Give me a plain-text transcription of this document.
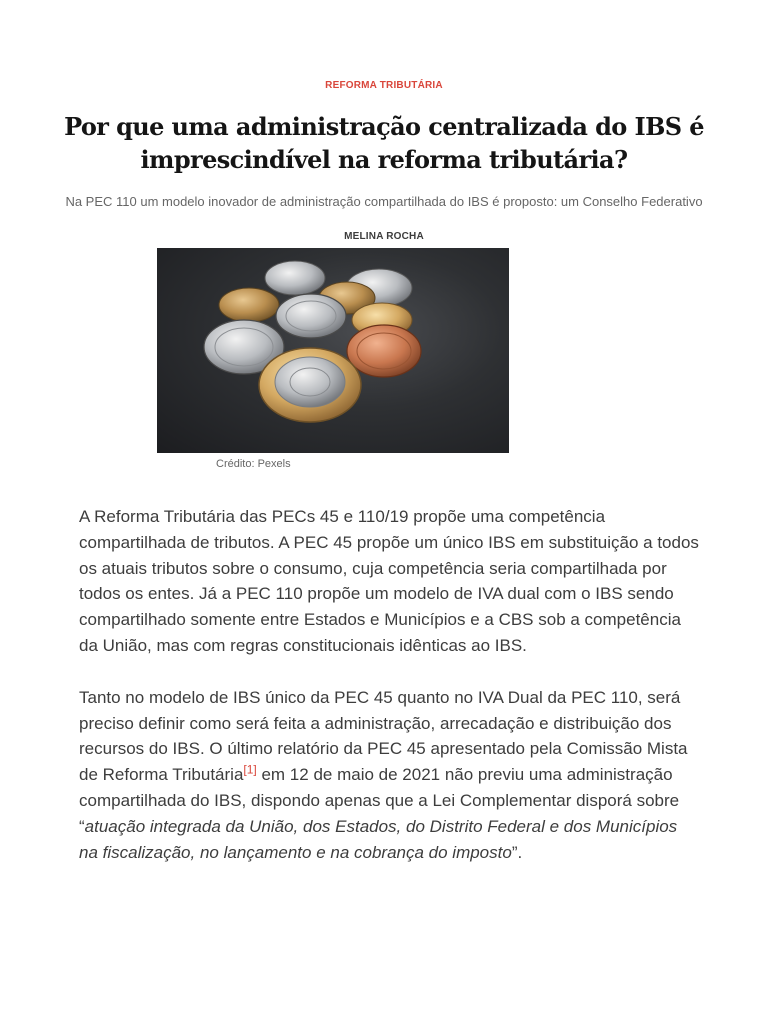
REFORMA TRIBUTÁRIA
Por que uma administração centralizada do IBS é imprescindível na reforma tributária?

Na PEC 110 um modelo inovador de administração compartilhada do IBS é proposto: um Conselho Federativo

MELINA ROCHA
Crédito: Pexels

A Reforma Tributária das PECs 45 e 110/19 propõe uma competência compartilhada de tributos. A PEC 45 propõe um único IBS em substituição a todos os atuais tributos sobre o consumo, cuja competência seria compartilhada por todos os entes. Já a PEC 110 propõe um modelo de IVA dual com o IBS sendo compartilhado somente entre Estados e Municípios e a CBS sob a competência da União, mas com regras constitucionais idênticas ao IBS.

Tanto no modelo de IBS único da PEC 45 quanto no IVA Dual da PEC 110, será preciso definir como será feita a administração, arrecadação e distribuição dos recursos do IBS. O último relatório da PEC 45 apresentado pela Comissão Mista de Reforma Tributária[1] em 12 de maio de 2021 não previu uma administração compartilhada do IBS, dispondo apenas que a Lei Complementar disporá sobre “atuação integrada da União, dos Estados, do Distrito Federal e dos Municípios na fiscalização, no lançamento e na cobrança do imposto”.
